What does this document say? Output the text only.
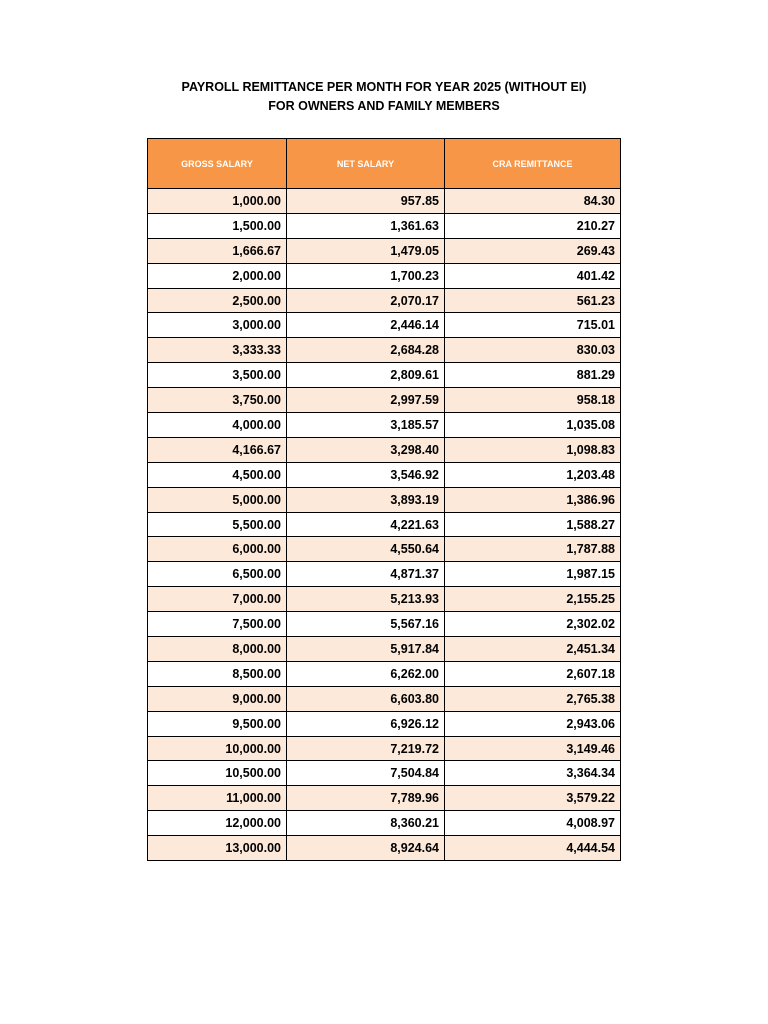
PAYROLL REMITTANCE PER MONTH FOR YEAR 2025 (WITHOUT EI)
FOR OWNERS AND FAMILY MEMBERS
GROSS SALARY	NET SALARY	CRA REMITTANCE
1,000.00	957.85	84.30
1,500.00	1,361.63	210.27
1,666.67	1,479.05	269.43
2,000.00	1,700.23	401.42
2,500.00	2,070.17	561.23
3,000.00	2,446.14	715.01
3,333.33	2,684.28	830.03
3,500.00	2,809.61	881.29
3,750.00	2,997.59	958.18
4,000.00	3,185.57	1,035.08
4,166.67	3,298.40	1,098.83
4,500.00	3,546.92	1,203.48
5,000.00	3,893.19	1,386.96
5,500.00	4,221.63	1,588.27
6,000.00	4,550.64	1,787.88
6,500.00	4,871.37	1,987.15
7,000.00	5,213.93	2,155.25
7,500.00	5,567.16	2,302.02
8,000.00	5,917.84	2,451.34
8,500.00	6,262.00	2,607.18
9,000.00	6,603.80	2,765.38
9,500.00	6,926.12	2,943.06
10,000.00	7,219.72	3,149.46
10,500.00	7,504.84	3,364.34
11,000.00	7,789.96	3,579.22
12,000.00	8,360.21	4,008.97
13,000.00	8,924.64	4,444.54
